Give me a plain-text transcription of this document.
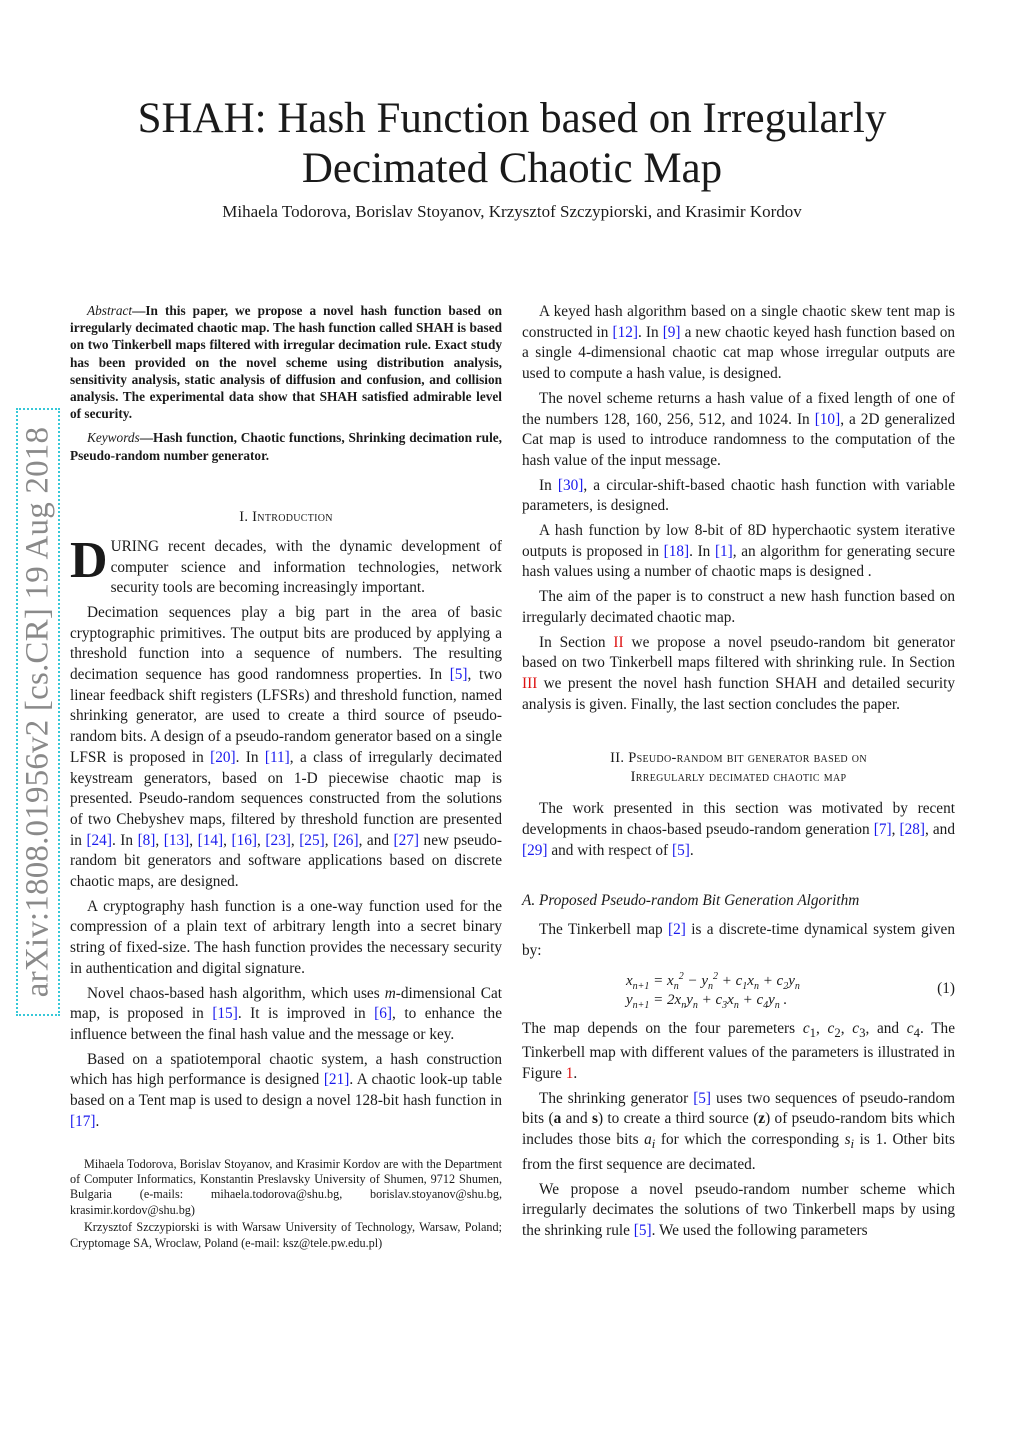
arXiv:1808.01956v2 [cs.CR] 19 Aug 2018
SHAH: Hash Function based on Irregularly
Decimated Chaotic Map

Mihaela Todorova, Borislav Stoyanov, Krzysztof Szczypiorski, and Krasimir Kordov

Abstract—In this paper, we propose a novel hash function based on irregularly decimated chaotic map. The hash function called SHAH is based on two Tinkerbell maps filtered with irregular decimation rule. Exact study has been provided on the novel scheme using distribution analysis, sensitivity analysis, static analysis of diffusion and confusion, and collision analysis. The experimental data show that SHAH satisfied admirable level of security.

Keywords—Hash function, Chaotic functions, Shrinking decimation rule, Pseudo-random number generator.

I. Introduction

DURING recent decades, with the dynamic development of computer science and information technologies, network security tools are becoming increasingly important.

Decimation sequences play a big part in the area of basic cryptographic primitives. The output bits are produced by applying a threshold function into a sequence of numbers. The resulting decimation sequence has good randomness properties. In [5], two linear feedback shift registers (LFSRs) and threshold function, named shrinking generator, are used to create a third source of pseudo-random bits. A design of a pseudo-random generator based on a single LFSR is proposed in [20]. In [11], a class of irregularly decimated keystream generators, based on 1-D piecewise chaotic map is presented. Pseudo-random sequences constructed from the solutions of two Chebyshev maps, filtered by threshold function are presented in [24]. In [8], [13], [14], [16], [23], [25], [26], and [27] new pseudo-random bit generators and software applications based on discrete chaotic maps, are designed.

A cryptography hash function is a one-way function used for the compression of a plain text of arbitrary length into a secret binary string of fixed-size. The hash function provides the necessary security in authentication and digital signature.

Novel chaos-based hash algorithm, which uses m-dimensional Cat map, is proposed in [15]. It is improved in [6], to enhance the influence between the final hash value and the message or key.

Based on a spatiotemporal chaotic system, a hash construction which has high performance is designed [21]. A chaotic look-up table based on a Tent map is used to design a novel 128-bit hash function in [17].

Mihaela Todorova, Borislav Stoyanov, and Krasimir Kordov are with the Department of Computer Informatics, Konstantin Preslavsky University of Shumen, 9712 Shumen, Bulgaria (e-mails: mihaela.todorova@shu.bg, borislav.stoyanov@shu.bg, krasimir.kordov@shu.bg)

Krzysztof Szczypiorski is with Warsaw University of Technology, Warsaw, Poland; Cryptomage SA, Wroclaw, Poland (e-mail: ksz@tele.pw.edu.pl)

A keyed hash algorithm based on a single chaotic skew tent map is constructed in [12]. In [9] a new chaotic keyed hash function based on a single 4-dimensional chaotic cat map whose irregular outputs are used to compute a hash value, is designed.

The novel scheme returns a hash value of a fixed length of one of the numbers 128, 160, 256, 512, and 1024. In [10], a 2D generalized Cat map is used to introduce randomness to the computation of the hash value of the input message.

In [30], a circular-shift-based chaotic hash function with variable parameters, is designed.

A hash function by low 8-bit of 8D hyperchaotic system iterative outputs is proposed in [18]. In [1], an algorithm for generating secure hash values using a number of chaotic maps is designed .

The aim of the paper is to construct a new hash function based on irregularly decimated chaotic map.

In Section II we propose a novel pseudo-random bit generator based on two Tinkerbell maps filtered with shrinking rule. In Section III we present the novel hash function SHAH and detailed security analysis is given. Finally, the last section concludes the paper.

II. Pseudo-random bit generator based on
Irregularly decimated chaotic map

The work presented in this section was motivated by recent developments in chaos-based pseudo-random generation [7], [28], and [29] and with respect of [5].

A. Proposed Pseudo-random Bit Generation Algorithm

The Tinkerbell map [2] is a discrete-time dynamical system given by:

$x_{n+1} = x_n^2 - y_n^2 + c_1x_n + c_2y_n$
$y_{n+1} = 2x_ny_n + c_3x_n + c_4y_n$ .
(1)

The map depends on the four paremeters $c_1$, $c_2$, $c_3$, and $c_4$. The Tinkerbell map with different values of the parameters is illustrated in Figure 1.

The shrinking generator [5] uses two sequences of pseudo-random bits (a and s) to create a third source (z) of pseudo-random bits which includes those bits $a_i$ for which the corresponding $s_i$ is 1. Other bits from the first sequence are decimated.

We propose a novel pseudo-random number scheme which irregularly decimates the solutions of two Tinkerbell maps by using the shrinking rule [5]. We used the following parameters
